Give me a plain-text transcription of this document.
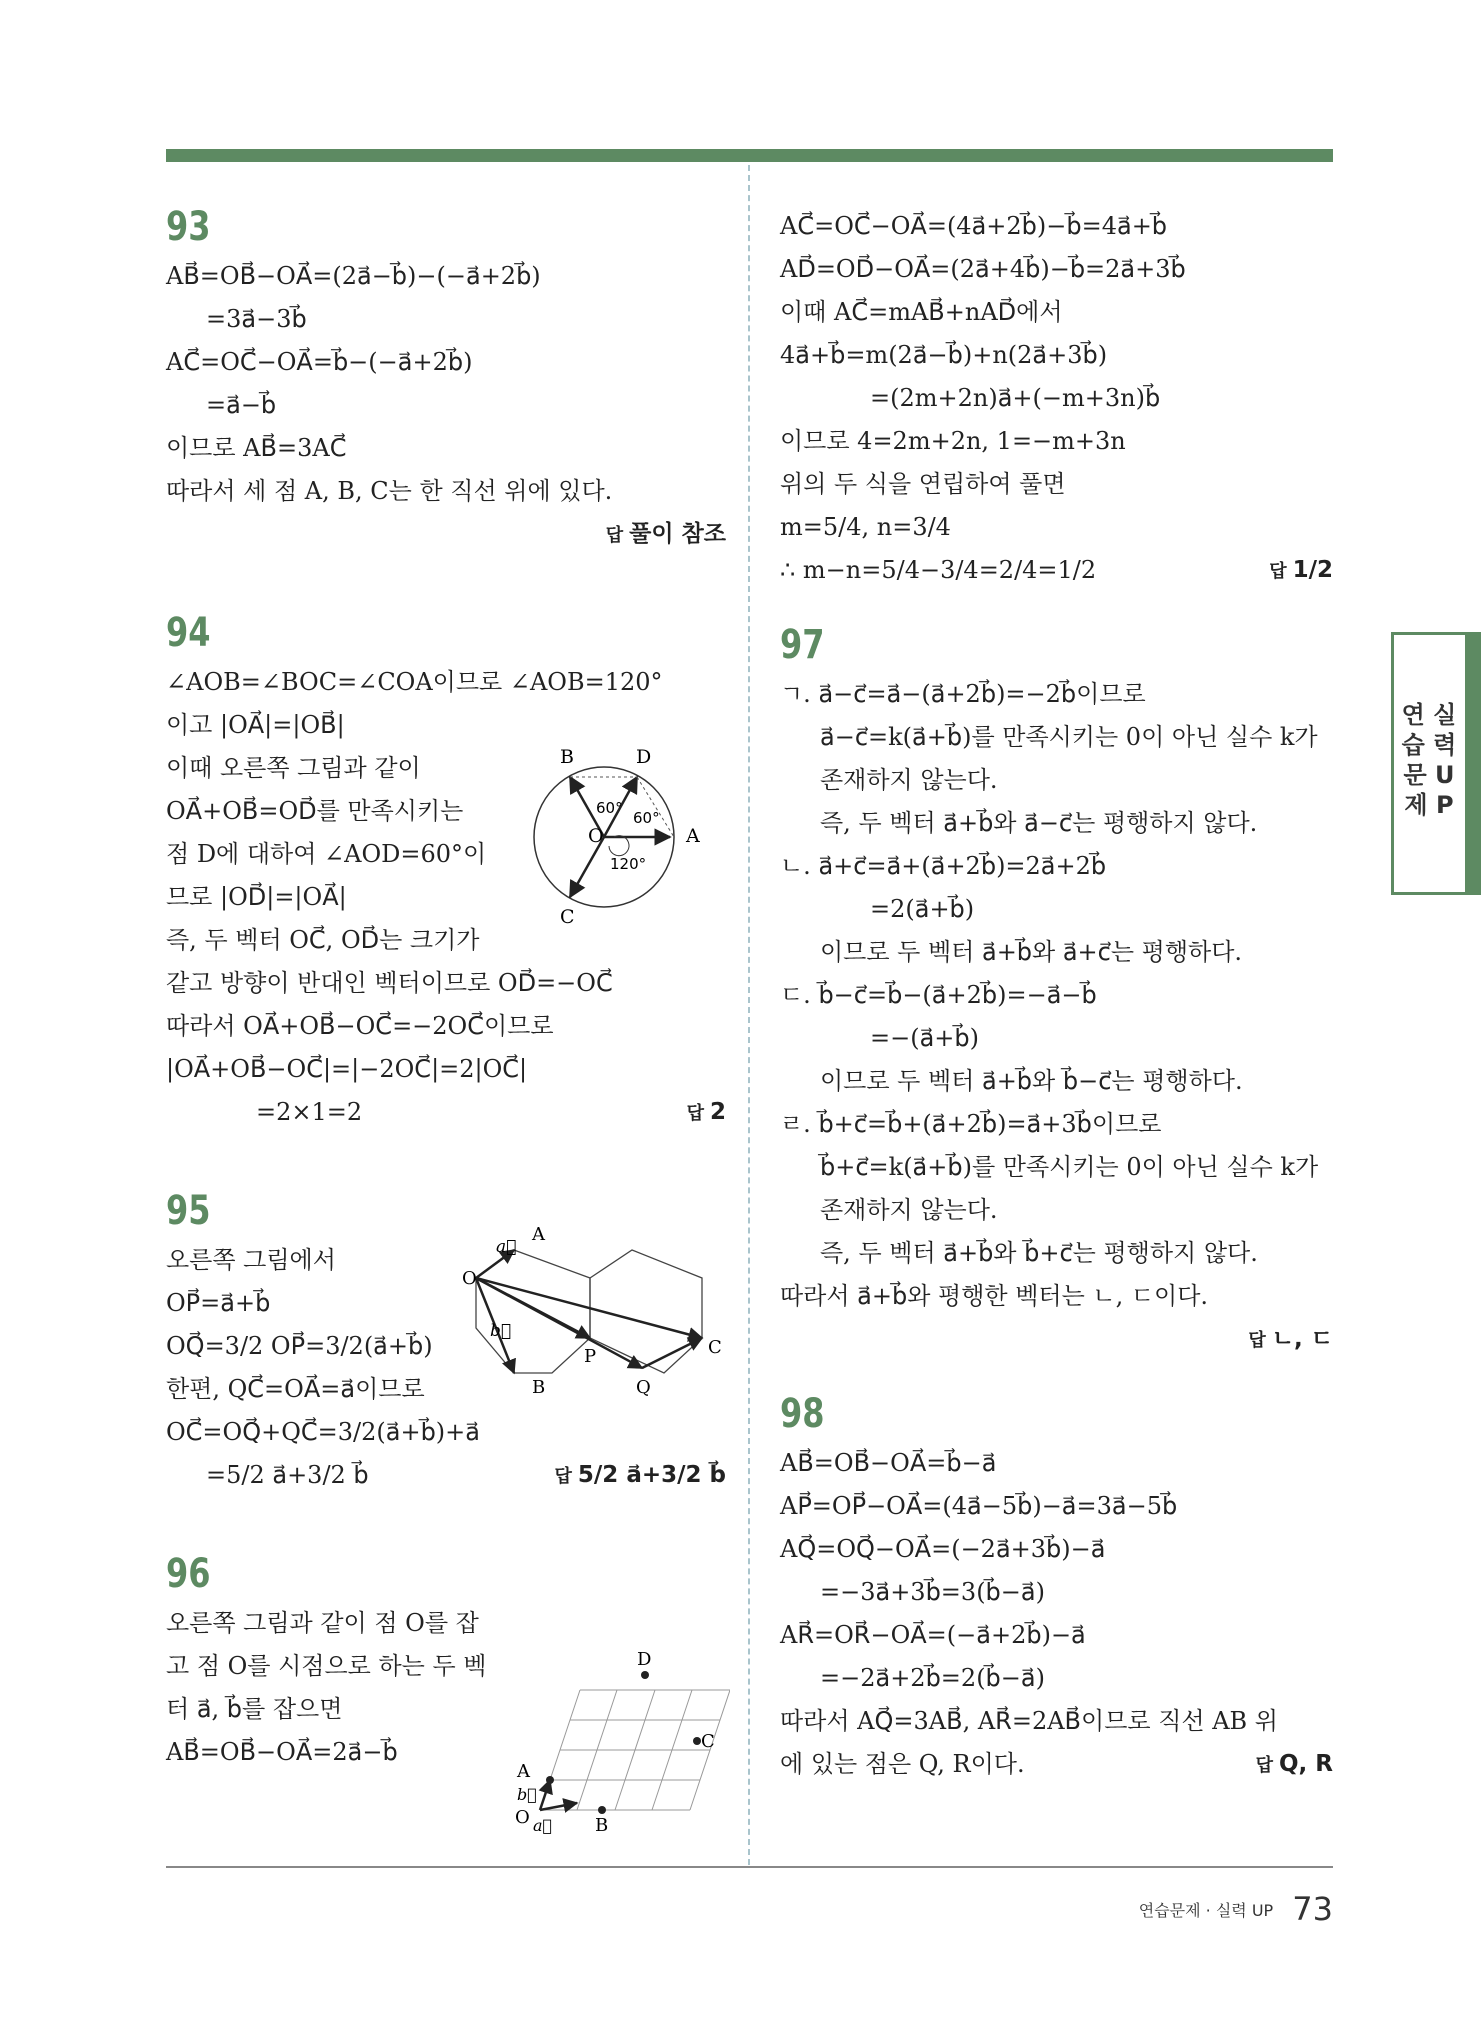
93
AB⃗=OB⃗−OA⃗=(2a⃗−b⃗)−(−a⃗+2b⃗)
=3a⃗−3b⃗
AC⃗=OC⃗−OA⃗=b⃗−(−a⃗+2b⃗)
=a⃗−b⃗
이므로 AB⃗=3AC⃗
따라서 세 점 A, B, C는 한 직선 위에 있다.
답 풀이 참조
94
∠AOB=∠BOC=∠COA이므로 ∠AOB=120°
이고 |OA⃗|=|OB⃗|
이때 오른쪽 그림과 같이
OA⃗+OB⃗=OD⃗를 만족시키는
점 D에 대하여 ∠AOD=60°이
므로 |OD⃗|=|OA⃗|
즉, 두 벡터 OC⃗, OD⃗는 크기가
같고 방향이 반대인 벡터이므로 OD⃗=−OC⃗
따라서 OA⃗+OB⃗−OC⃗=−2OC⃗이므로
|OA⃗+OB⃗−OC⃗|=|−2OC⃗|=2|OC⃗|
=2×1=2	답 2
95
오른쪽 그림에서
OP⃗=a⃗+b⃗
OQ⃗=3/2 OP⃗=3/2(a⃗+b⃗)
한편, QC⃗=OA⃗=a⃗이므로
OC⃗=OQ⃗+QC⃗=3/2(a⃗+b⃗)+a⃗
=5/2 a⃗+3/2 b⃗	답 5/2 a⃗+3/2 b⃗
96
오른쪽 그림과 같이 점 O를 잡
고 점 O를 시점으로 하는 두 벡
터 a⃗, b⃗를 잡으면
AB⃗=OB⃗−OA⃗=2a⃗−b⃗
B	D
O	A
C
60°
60°
120°
O
A
a⃗
b⃗
P
B	Q
C
D
C
A
b⃗
O a⃗ B
AC⃗=OC⃗−OA⃗=(4a⃗+2b⃗)−b⃗=4a⃗+b⃗
AD⃗=OD⃗−OA⃗=(2a⃗+4b⃗)−b⃗=2a⃗+3b⃗
이때 AC⃗=mAB⃗+nAD⃗에서
4a⃗+b⃗=m(2a⃗−b⃗)+n(2a⃗+3b⃗)
=(2m+2n)a⃗+(−m+3n)b⃗
이므로 4=2m+2n, 1=−m+3n
위의 두 식을 연립하여 풀면
m=5/4, n=3/4
∴ m−n=5/4−3/4=2/4=1/2	답 1/2
97
ㄱ. a⃗−c⃗=a⃗−(a⃗+2b⃗)=−2b⃗이므로
a⃗−c⃗=k(a⃗+b⃗)를 만족시키는 0이 아닌 실수 k가
존재하지 않는다.
즉, 두 벡터 a⃗+b⃗와 a⃗−c⃗는 평행하지 않다.
ㄴ. a⃗+c⃗=a⃗+(a⃗+2b⃗)=2a⃗+2b⃗
=2(a⃗+b⃗)
이므로 두 벡터 a⃗+b⃗와 a⃗+c⃗는 평행하다.
ㄷ. b⃗−c⃗=b⃗−(a⃗+2b⃗)=−a⃗−b⃗
=−(a⃗+b⃗)
이므로 두 벡터 a⃗+b⃗와 b⃗−c⃗는 평행하다.
ㄹ. b⃗+c⃗=b⃗+(a⃗+2b⃗)=a⃗+3b⃗이므로
b⃗+c⃗=k(a⃗+b⃗)를 만족시키는 0이 아닌 실수 k가
존재하지 않는다.
즉, 두 벡터 a⃗+b⃗와 b⃗+c⃗는 평행하지 않다.
따라서 a⃗+b⃗와 평행한 벡터는 ㄴ, ㄷ이다.
답 ㄴ, ㄷ
98
AB⃗=OB⃗−OA⃗=b⃗−a⃗
AP⃗=OP⃗−OA⃗=(4a⃗−5b⃗)−a⃗=3a⃗−5b⃗
AQ⃗=OQ⃗−OA⃗=(−2a⃗+3b⃗)−a⃗
=−3a⃗+3b⃗=3(b⃗−a⃗)
AR⃗=OR⃗−OA⃗=(−a⃗+2b⃗)−a⃗
=−2a⃗+2b⃗=2(b⃗−a⃗)
따라서 AQ⃗=3AB⃗, AR⃗=2AB⃗이므로 직선 AB 위
에 있는 점은 Q, R이다.	답 Q, R
연 실
습 력
문 U
제 P
연습문제 · 실력 UP 73
